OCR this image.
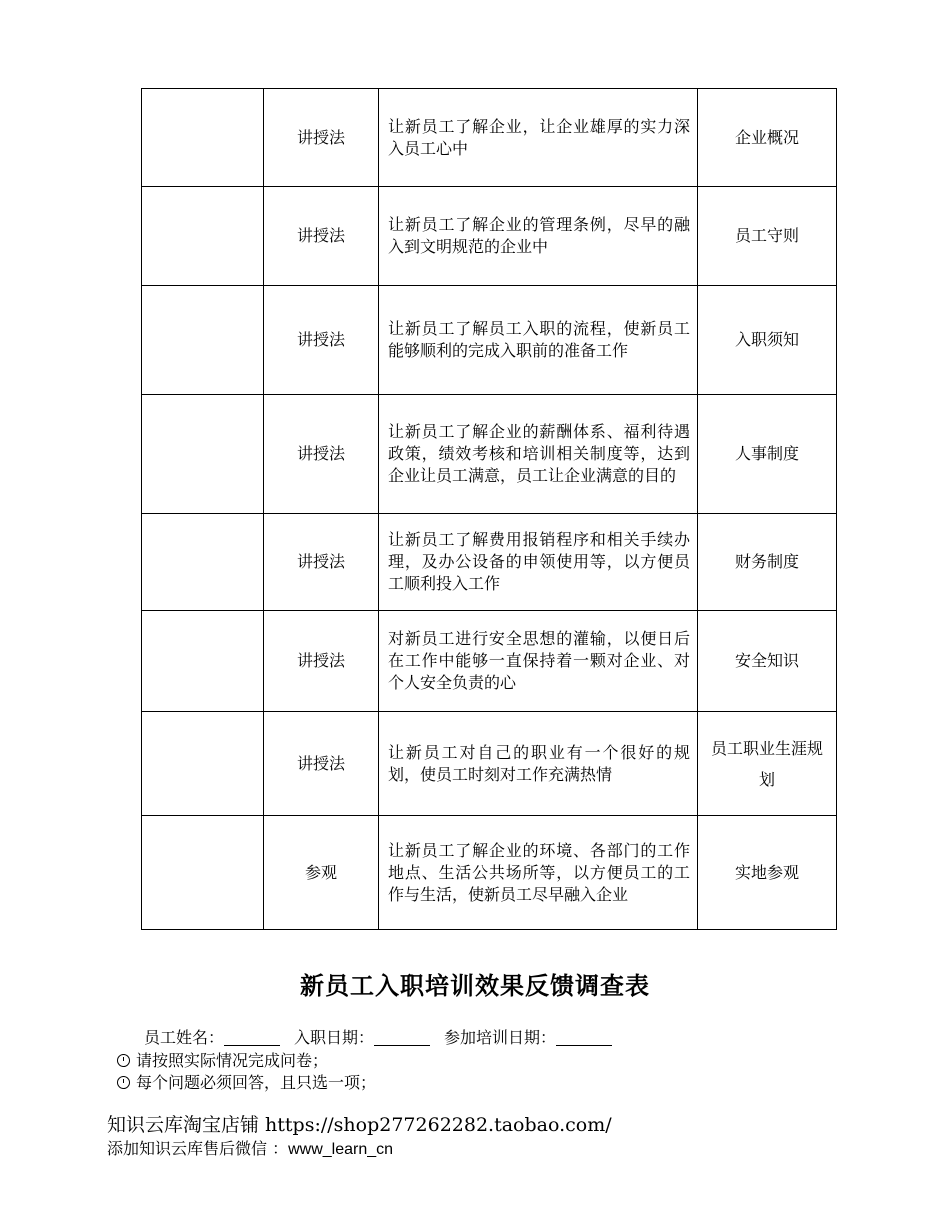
	讲授法	让新员工了解企业，让企业雄厚的实力深入员工心中	企业概况
	讲授法	让新员工了解企业的管理条例，尽早的融入到文明规范的企业中	员工守则
	讲授法	让新员工了解员工入职的流程，使新员工能够顺利的完成入职前的准备工作	入职须知
	讲授法	让新员工了解企业的薪酬体系、福利待遇政策，绩效考核和培训相关制度等，达到企业让员工满意，员工让企业满意的目的	人事制度
	讲授法	让新员工了解费用报销程序和相关手续办理，及办公设备的申领使用等，以方便员工顺利投入工作	财务制度
	讲授法	对新员工进行安全思想的灌输，以便日后在工作中能够一直保持着一颗对企业、对个人安全负责的心	安全知识
	讲授法	让新员工对自己的职业有一个很好的规划，使员工时刻对工作充满热情	员工职业生涯规划
	参观	让新员工了解企业的环境、各部门的工作地点、生活公共场所等，以方便员工的工作与生活，使新员工尽早融入企业	实地参观
新员工入职培训效果反馈调查表
员工姓名：	入职日期：	参加培训日期：
请按照实际情况完成问卷；
每个问题必须回答，且只选一项；
知识云库淘宝店铺 https://shop277262282.taobao.com/
添加知识云库售后微信 ：www_learn_cn
